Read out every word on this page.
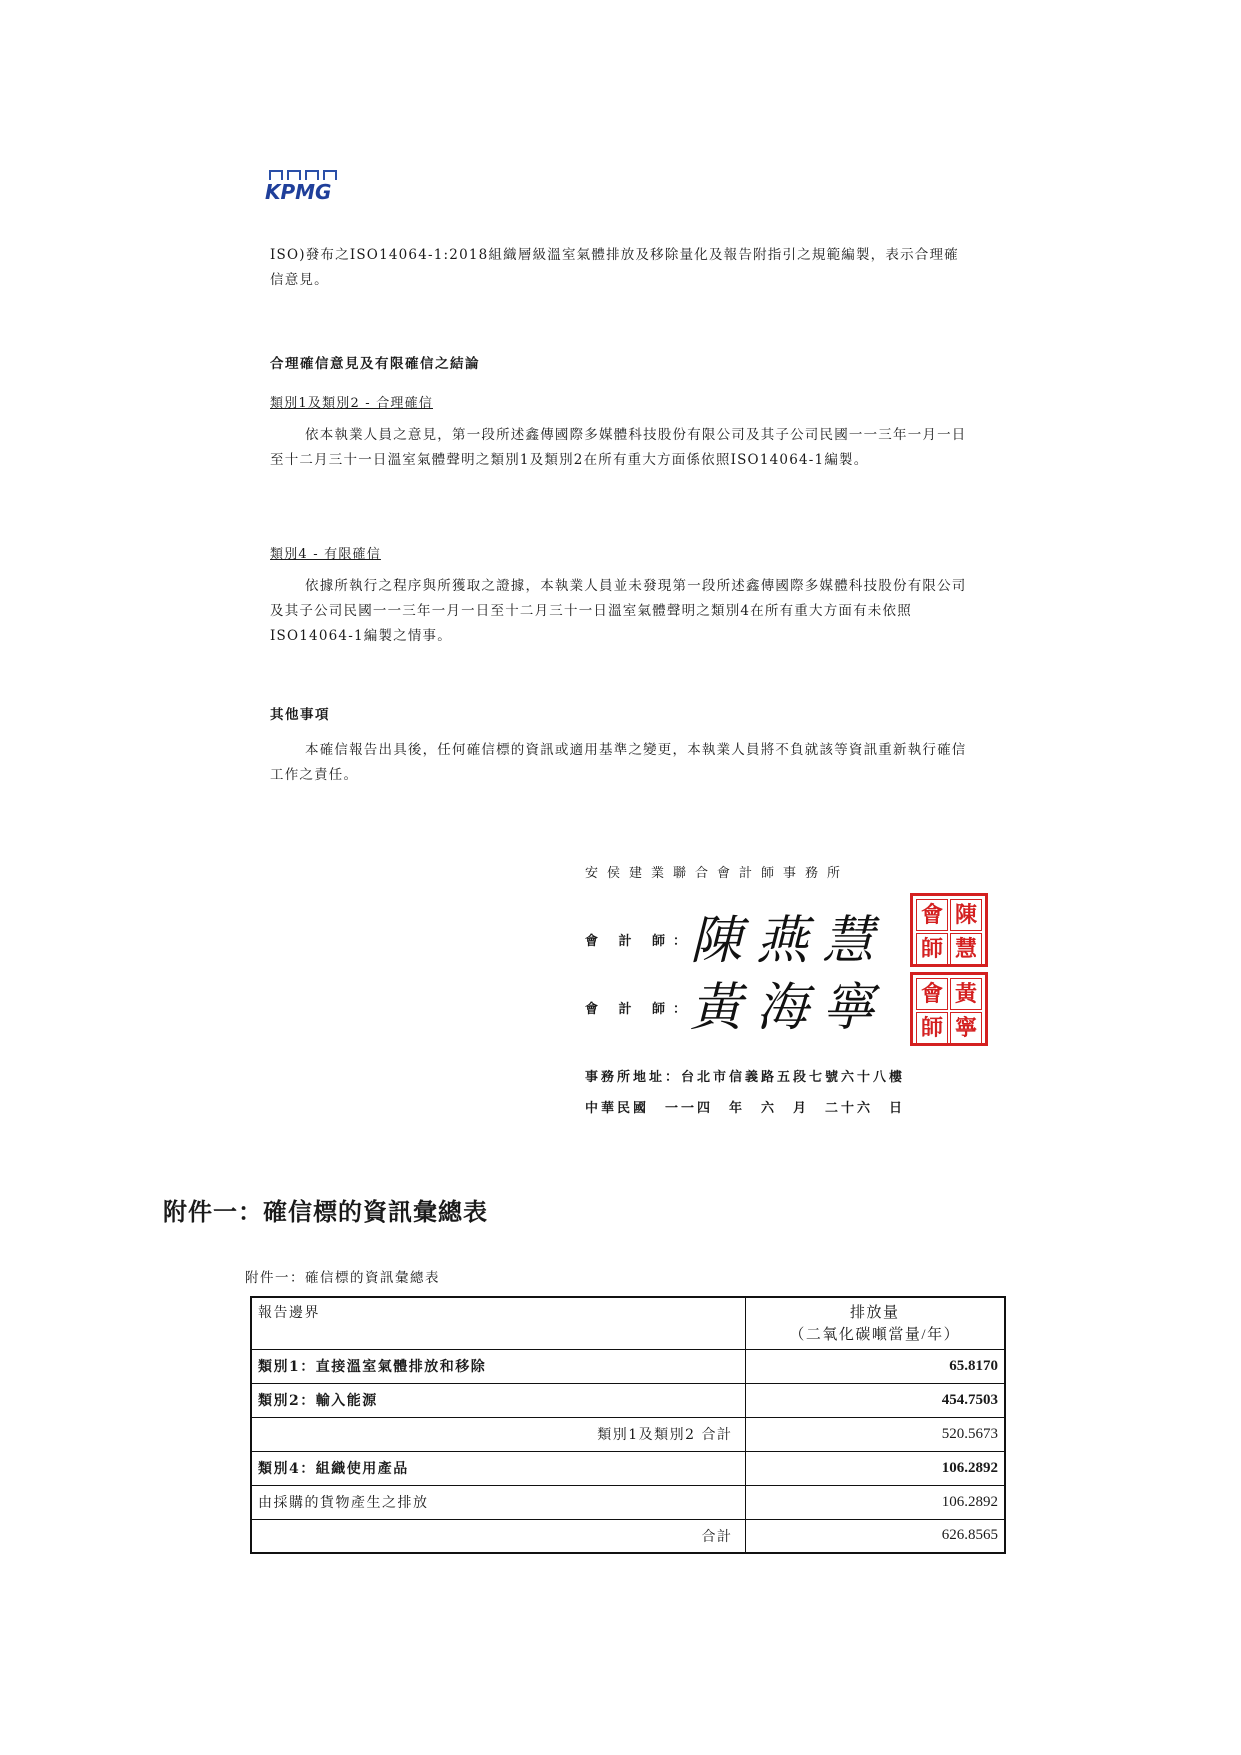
KPMG
ISO)發布之ISO14064-1:2018組織層級溫室氣體排放及移除量化及報告附指引之規範編製，表示合理確信意見。
合理確信意見及有限確信之結論
類別1及類別2 - 合理確信
依本執業人員之意見，第一段所述鑫傳國際多媒體科技股份有限公司及其子公司民國一一三年一月一日至十二月三十一日溫室氣體聲明之類別1及類別2在所有重大方面係依照ISO14064-1編製。
類別4 - 有限確信
依據所執行之程序與所獲取之證據，本執業人員並未發現第一段所述鑫傳國際多媒體科技股份有限公司及其子公司民國一一三年一月一日至十二月三十一日溫室氣體聲明之類別4在所有重大方面有未依照ISO14064-1編製之情事。
其他事項
本確信報告出具後，任何確信標的資訊或適用基準之變更，本執業人員將不負就該等資訊重新執行確信工作之責任。
安侯建業聯合會計師事務所
會 計 師：
陳燕慧
會 計 師：
黃海寧
會 陳
師 慧
會 黃
師 寧
事務所地址：台北市信義路五段七號六十八樓
中華民國　一一四　年　六　月　二十六　日
附件一：確信標的資訊彙總表
附件一：確信標的資訊彙總表
報告邊界	排放量
（二氧化碳噸當量/年）

類別1：直接溫室氣體排放和移除	65.8170
類別2：輸入能源	454.7503
類別1及類別2 合計	520.5673
類別4：組織使用產品	106.2892
由採購的貨物產生之排放	106.2892
合計	626.8565
